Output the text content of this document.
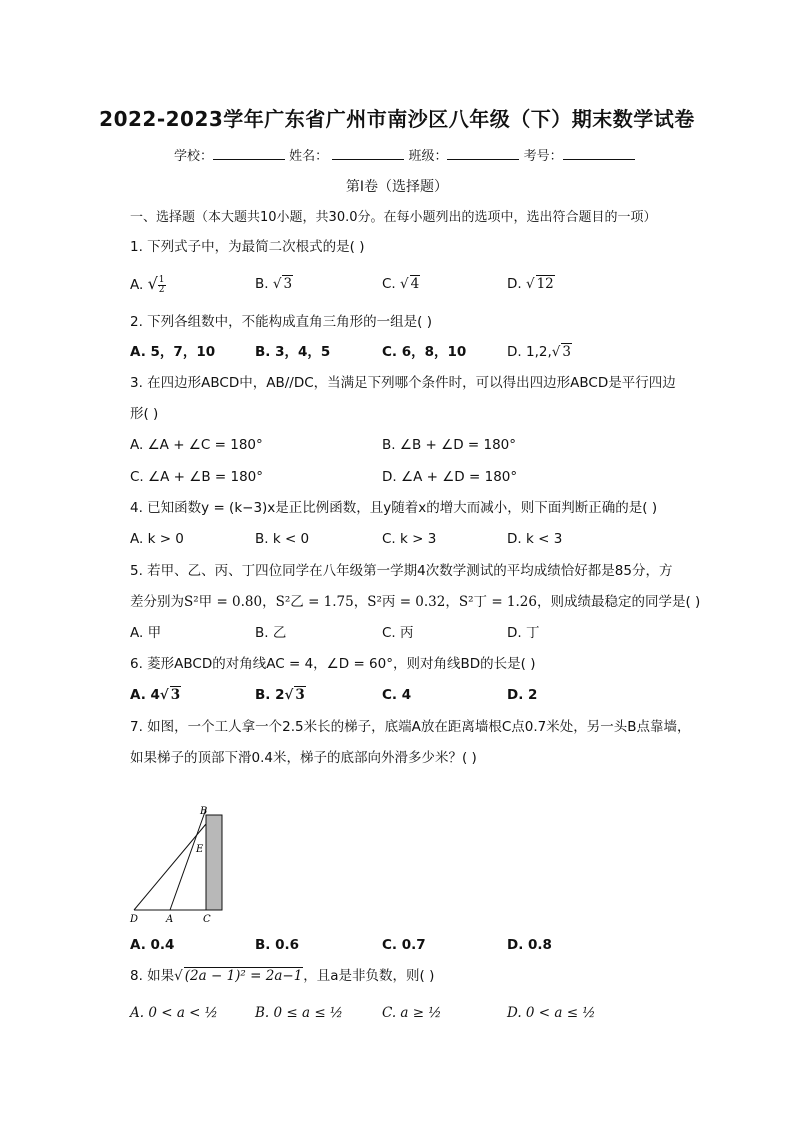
2022-2023学年广东省广州市南沙区八年级（下）期末数学试卷
学校：	姓名：	班级：	考号：
第I卷（选择题）
一、选择题（本大题共10小题，共30.0分。在每小题列出的选项中，选出符合题目的一项）
1. 下列式子中，为最简二次根式的是( )
A. √ $\frac{1}{2}$	B. √ 3	C. √ 4	D. √ 12
2. 下列各组数中，不能构成直角三角形的一组是( )
A. 5，7，10	B. 3，4，5	C. 6，8，10	D. 1,2,√ 3
3. 在四边形ABCD中，AB//DC，当满足下列哪个条件时，可以得出四边形ABCD是平行四边
形( )
A. ∠A + ∠C = 180°	B. ∠B + ∠D = 180°
C. ∠A + ∠B = 180°	D. ∠A + ∠D = 180°
4. 已知函数y = (k−3)x是正比例函数，且y随着x的增大而减小，则下面判断正确的是( )
A. k > 0	B. k < 0	C. k > 3	D. k < 3
5. 若甲、乙、丙、丁四位同学在八年级第一学期4次数学测试的平均成绩恰好都是85分，方
差分别为S²甲 = 0.80，S²乙 = 1.75，S²丙 = 0.32，S²丁 = 1.26，则成绩最稳定的同学是( )
A. 甲	B. 乙	C. 丙	D. 丁
6. 菱形ABCD的对角线AC = 4，∠D = 60°，则对角线BD的长是( )
A. 4√ 3	B. 2√ 3	C. 4	D. 2
7. 如图，一个工人拿一个2.5米长的梯子，底端A放在距离墙根C点0.7米处，另一头B点靠墙，
如果梯子的顶部下滑0.4米，梯子的底部向外滑多少米？( )
B
E
D	A	C
A. 0.4	B. 0.6	C. 0.7	D. 0.8
8. 如果√ (2a − 1)² = 2a−1，且a是非负数，则( )
A. 0 < a < ½	B. 0 ≤ a ≤ ½	C. a ≥ ½	D. 0 < a ≤ ½
